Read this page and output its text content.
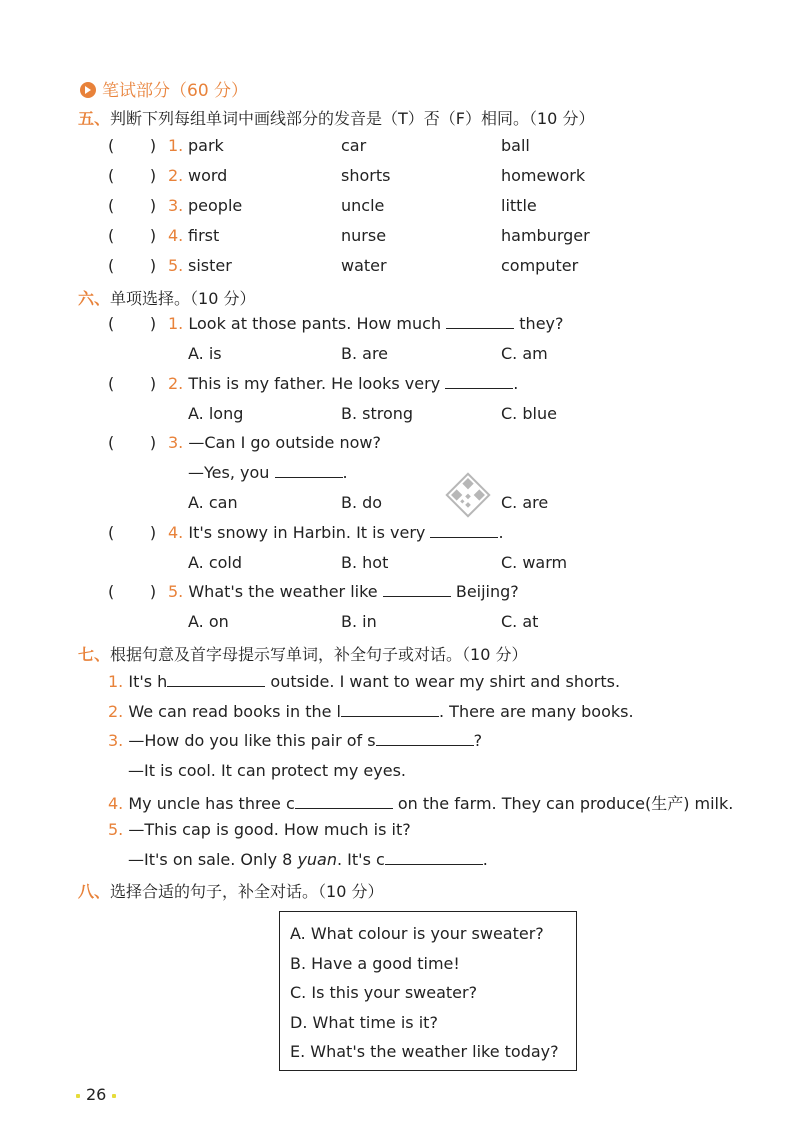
笔试部分（60 分）
五、判断下列每组单词中画线部分的发音是（T）否（F）相同。（10 分）
(       ) 1. park	car	ball
(       ) 2. word	shorts	homework
(       ) 3. people	uncle	little
(       ) 4. first	nurse	hamburger
(       ) 5. sister	water	computer
六、单项选择。（10 分）
(       ) 1. Look at those pants. How much	they?
A. is	B. are	C. am
(       ) 2. This is my father. He looks very	.
A. long	B. strong	C. blue
(       ) 3. —Can I go outside now?
—Yes, you	.
A. can	B. do	C. are
(       ) 4. It's snowy in Harbin. It is very	.
A. cold	B. hot	C. warm
(       ) 5. What's the weather like	Beijing?
A. on	B. in	C. at
七、根据句意及首字母提示写单词，补全句子或对话。（10 分）
1. It's h	outside. I want to wear my shirt and shorts.
2. We can read books in the l	. There are many books.
3. —How do you like this pair of s	?
—It is cool. It can protect my eyes.
4. My uncle has three c	on the farm. They can produce(生产) milk.
5. —This cap is good. How much is it?
—It's on sale. Only 8 yuan. It's c	.
八、选择合适的句子，补全对话。（10 分）
A. What colour is your sweater?
B. Have a good time!
C. Is this your sweater?
D. What time is it?
E. What's the weather like today?
26
